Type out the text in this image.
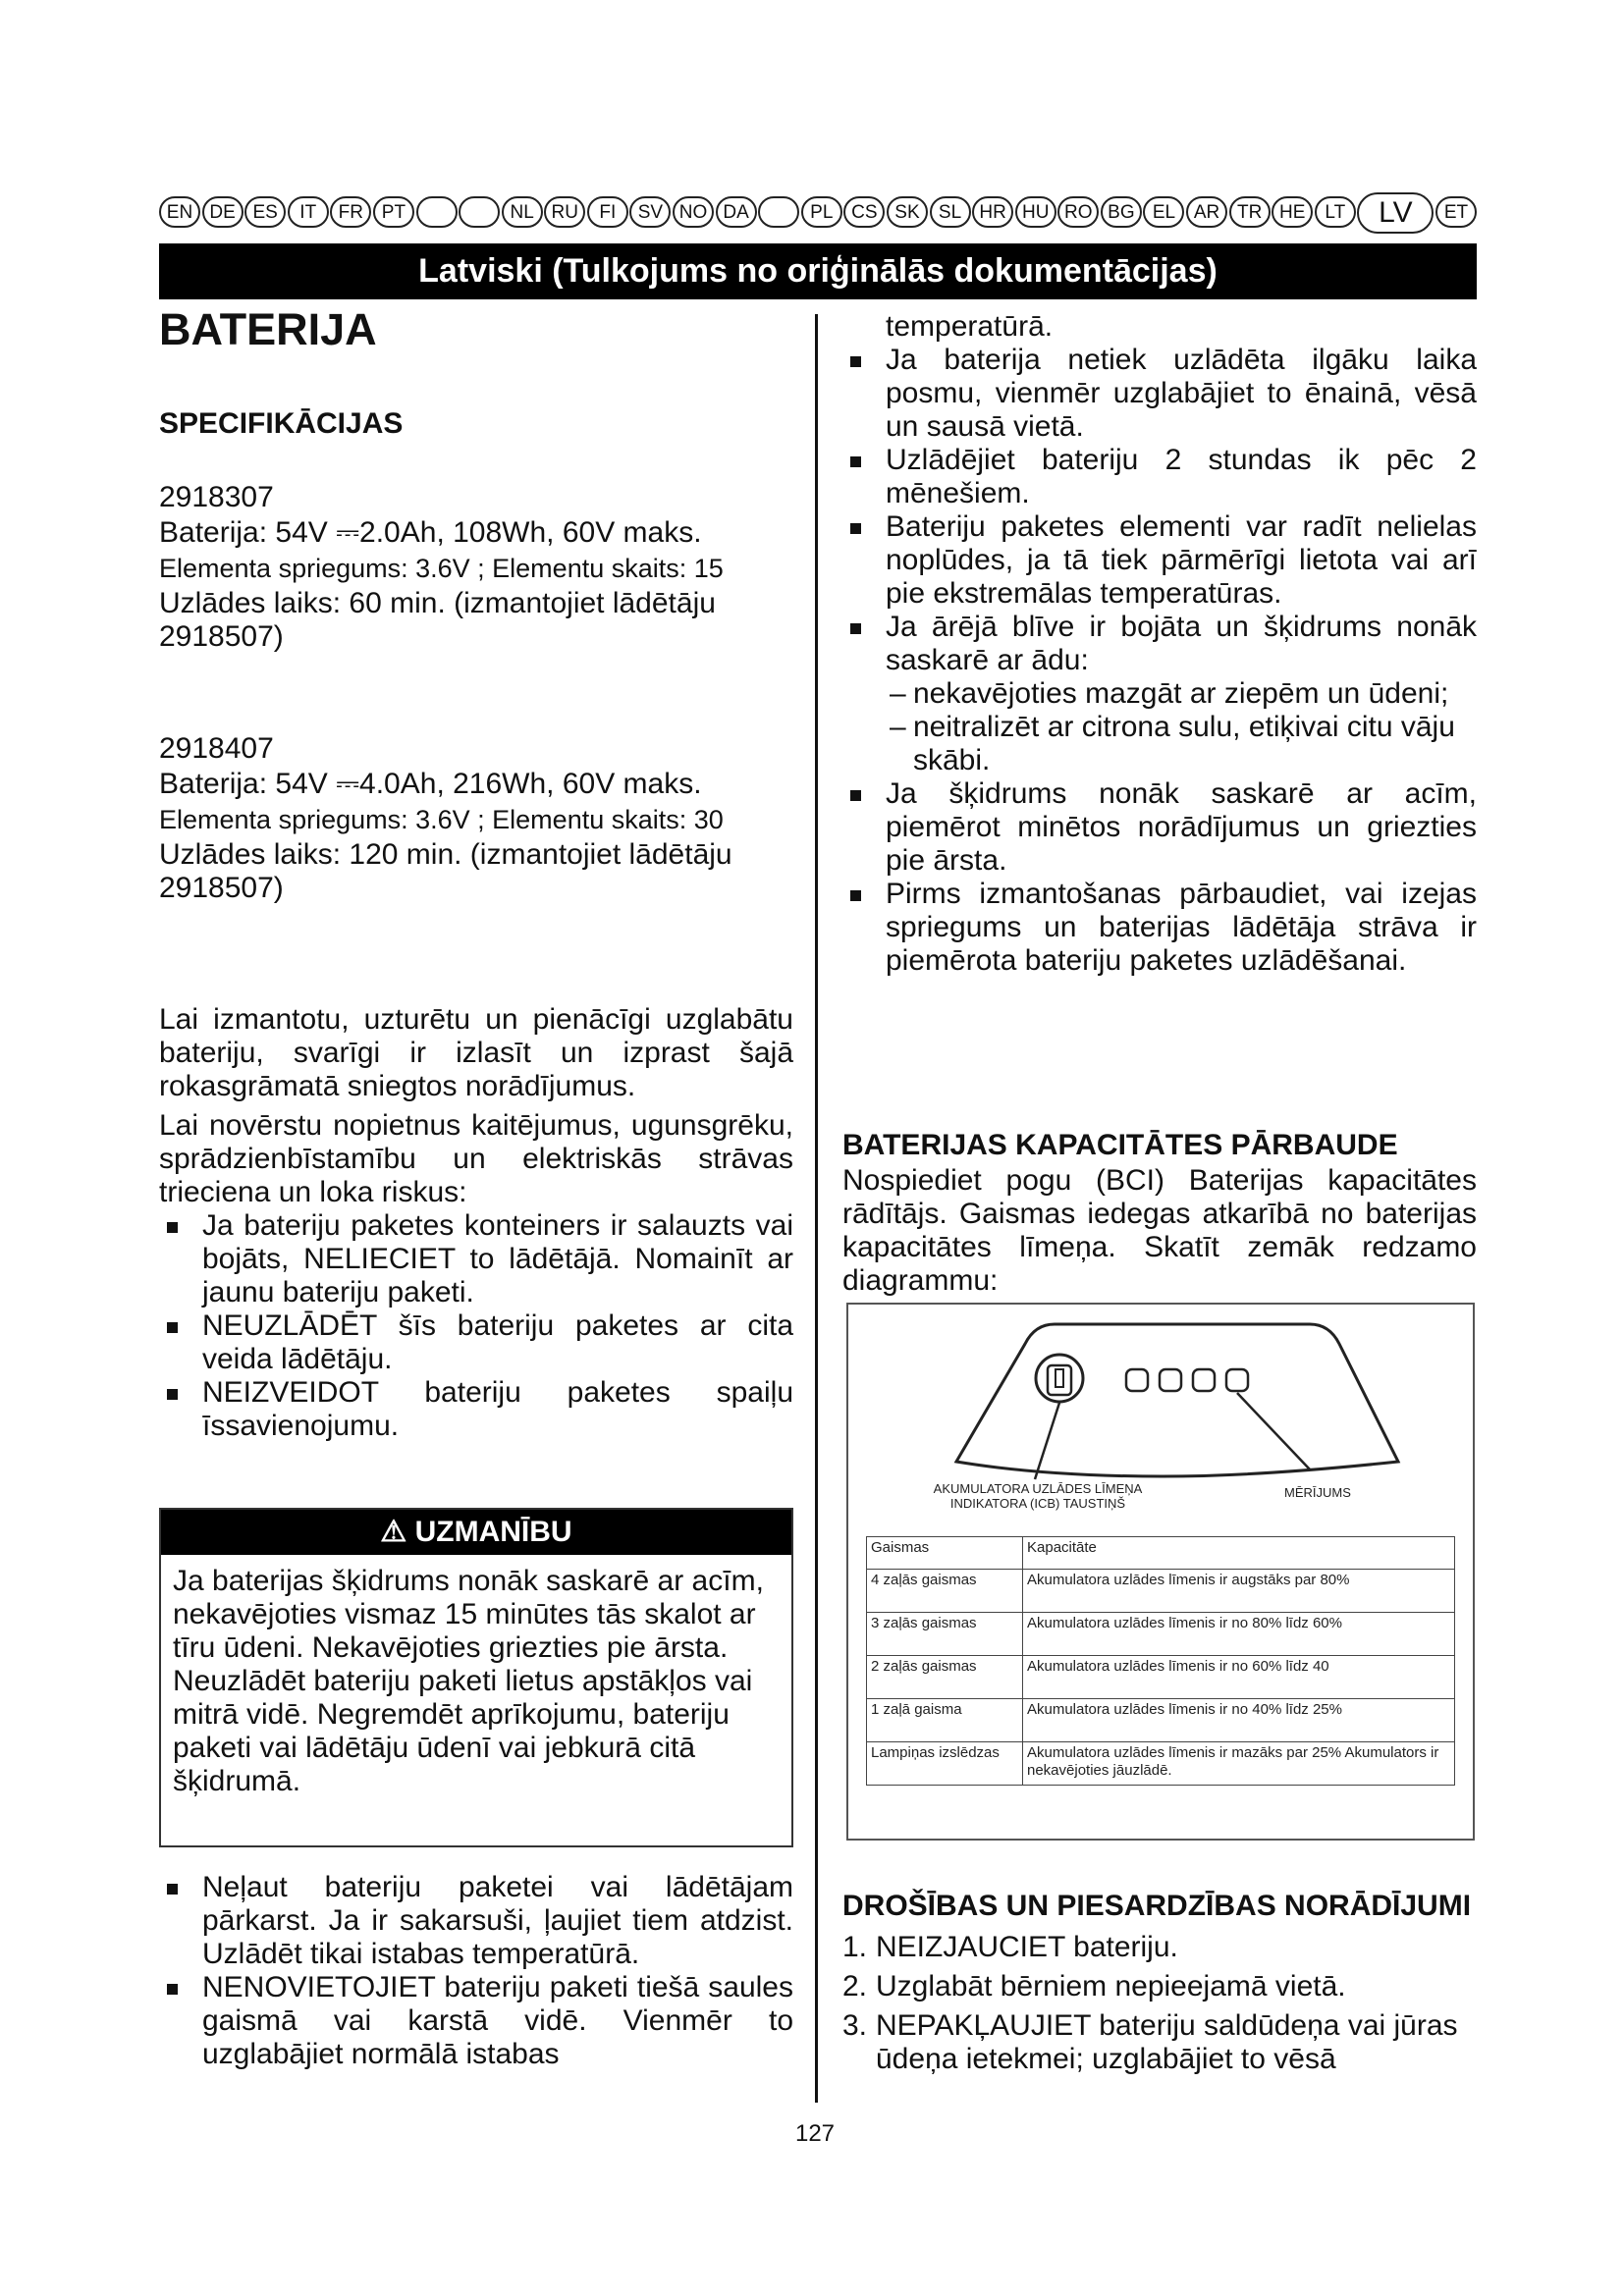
EN DE ES	IT	FR PT	NL RU	FI	SV NO DA	PL CS SK	SL HR HU RO BG EL AR TR HE	LT	LV	ET
Latviski (Tulkojums no oriģinālās dokumentācijas)
BATERIJA
SPECIFIKĀCIJAS

2918307

Baterija: 54V ⎓2.0Ah, 108Wh, 60V maks.

Elementa spriegums: 3.6V ; Elementu skaits: 15

Uzlādes laiks: 60 min. (izmantojiet lādētāju 2918507)

2918407

Baterija: 54V ⎓4.0Ah, 216Wh, 60V maks.

Elementa spriegums: 3.6V ; Elementu skaits: 30

Uzlādes laiks: 120 min. (izmantojiet lādētāju 2918507)

Lai izmantotu, uzturētu un pienācīgi uzglabātu bateriju, svarīgi ir izlasīt un izprast šajā rokasgrāmatā sniegtos norādījumus.

Lai novērstu nopietnus kaitējumus, ugunsgrēku, sprādzienbīstamību un elektriskās strāvas trieciena un loka riskus:

Ja bateriju paketes konteiners ir salauzts vai bojāts, NELIECIET to lādētājā. Nomainīt ar jaunu bateriju paketi.
NEUZLĀDĒT šīs bateriju paketes ar cita veida lādētāju.
NEIZVEIDOT bateriju paketes spaiļu īssavienojumu.
⚠ UZMANĪBU
Ja baterijas šķidrums nonāk saskarē ar acīm, nekavējoties vismaz 15 minūtes tās skalot ar tīru ūdeni. Nekavējoties griezties pie ārsta. Neuzlādēt bateriju paketi lietus apstākļos vai mitrā vidē. Negremdēt aprīkojumu, bateriju paketi vai lādētāju ūdenī vai jebkurā citā šķidrumā.
Neļaut bateriju paketei vai lādētājam pārkarst. Ja ir sakarsuši, ļaujiet tiem atdzist. Uzlādēt tikai istabas temperatūrā.
NENOVIETOJIET bateriju paketi tiešā saules gaismā vai karstā vidē. Vienmēr to uzglabājiet normālā istabas

temperatūrā.

Ja baterija netiek uzlādēta ilgāku laika posmu, vienmēr uzglabājiet to ēnainā, vēsā un sausā vietā.
Uzlādējiet bateriju 2 stundas ik pēc 2 mēnešiem.
Bateriju paketes elementi var radīt nelielas noplūdes, ja tā tiek pārmērīgi lietota vai arī pie ekstremālas temperatūras.
Ja ārējā blīve ir bojāta un šķidrums nonāk saskarē ar ādu:
– nekavējoties mazgāt ar ziepēm un ūdeni;
– neitralizēt ar citrona sulu, etiķivai citu vāju skābi.
Ja šķidrums nonāk saskarē ar acīm, piemērot minētos norādījumus un griezties pie ārsta.
Pirms izmantošanas pārbaudiet, vai izejas spriegums un baterijas lādētāja strāva ir piemērota bateriju paketes uzlādēšanai.
BATERIJAS KAPACITĀTES PĀRBAUDE

Nospiediet pogu (BCI) Baterijas kapacitātes rādītājs. Gaismas iedegas atkarībā no baterijas kapacitātes līmeņa. Skatīt zemāk redzamo diagrammu:

AKUMULATORA UZLĀDES LĪMEŅA INDIKATORA (ICB) TAUSTIŅŠ
MĒRĪJUMS
Gaismas	Kapacitāte
4 zaļās gaismas	Akumulatora uzlādes līmenis ir augstāks par 80%
3 zaļās gaismas	Akumulatora uzlādes līmenis ir no 80% līdz 60%
2 zaļās gaismas	Akumulatora uzlādes līmenis ir no 60% līdz 40
1 zaļā gaisma	Akumulatora uzlādes līmenis ir no 40% līdz 25%
Lampiņas izslēdzas	Akumulatora uzlādes līmenis ir mazāks par 25% Akumulators ir nekavējoties jāuzlādē.
DROŠĪBAS UN PIESARDZĪBAS NORĀDĪJUMI
1. NEIZJAUCIET bateriju.
2. Uzglabāt bērniem nepieejamā vietā.
3. NEPAKĻAUJIET bateriju saldūdeņa vai jūras ūdeņa ietekmei; uzglabājiet to vēsā
127
